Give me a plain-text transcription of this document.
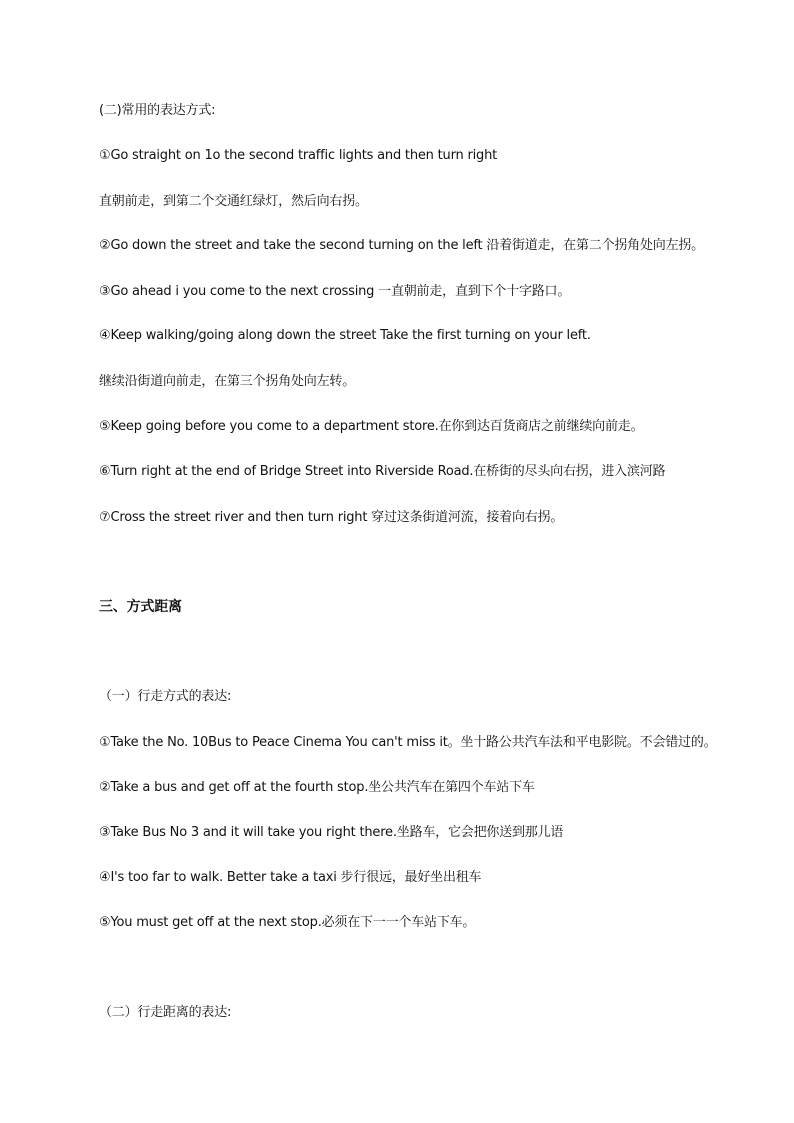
(二)常用的表达方式:
①Go straight on 1o the second traffic lights and then turn right
直朝前走，到第二个交通红绿灯，然后向右拐。
②Go down the street and take the second turning on the left 沿着街道走，在第二个拐角处向左拐。
③Go ahead i you come to the next crossing 一直朝前走，直到下个十字路口。
④Keep walking/going along down the street Take the first turning on your left.
继续沿街道向前走，在第三个拐角处向左转。
⑤Keep going before you come to a department store.在你到达百货商店之前继续向前走。
⑥Turn right at the end of Bridge Street into Riverside Road.在桥街的尽头向右拐，进入滨河路
⑦Cross the street river and then turn right 穿过这条街道河流，接着向右拐。
三、方式距离
（一）行走方式的表达:
①Take the No. 10Bus to Peace Cinema You can't miss it。坐十路公共汽车法和平电影院。不会错过的。
②Take a bus and get off at the fourth stop.坐公共汽车在第四个车站下车
③Take Bus No 3 and it will take you right there.坐路车，它会把你送到那儿语
④I's too far to walk. Better take a taxi 步行很远，最好坐出租车
⑤You must get off at the next stop.必须在下一一个车站下车。
（二）行走距离的表达:
